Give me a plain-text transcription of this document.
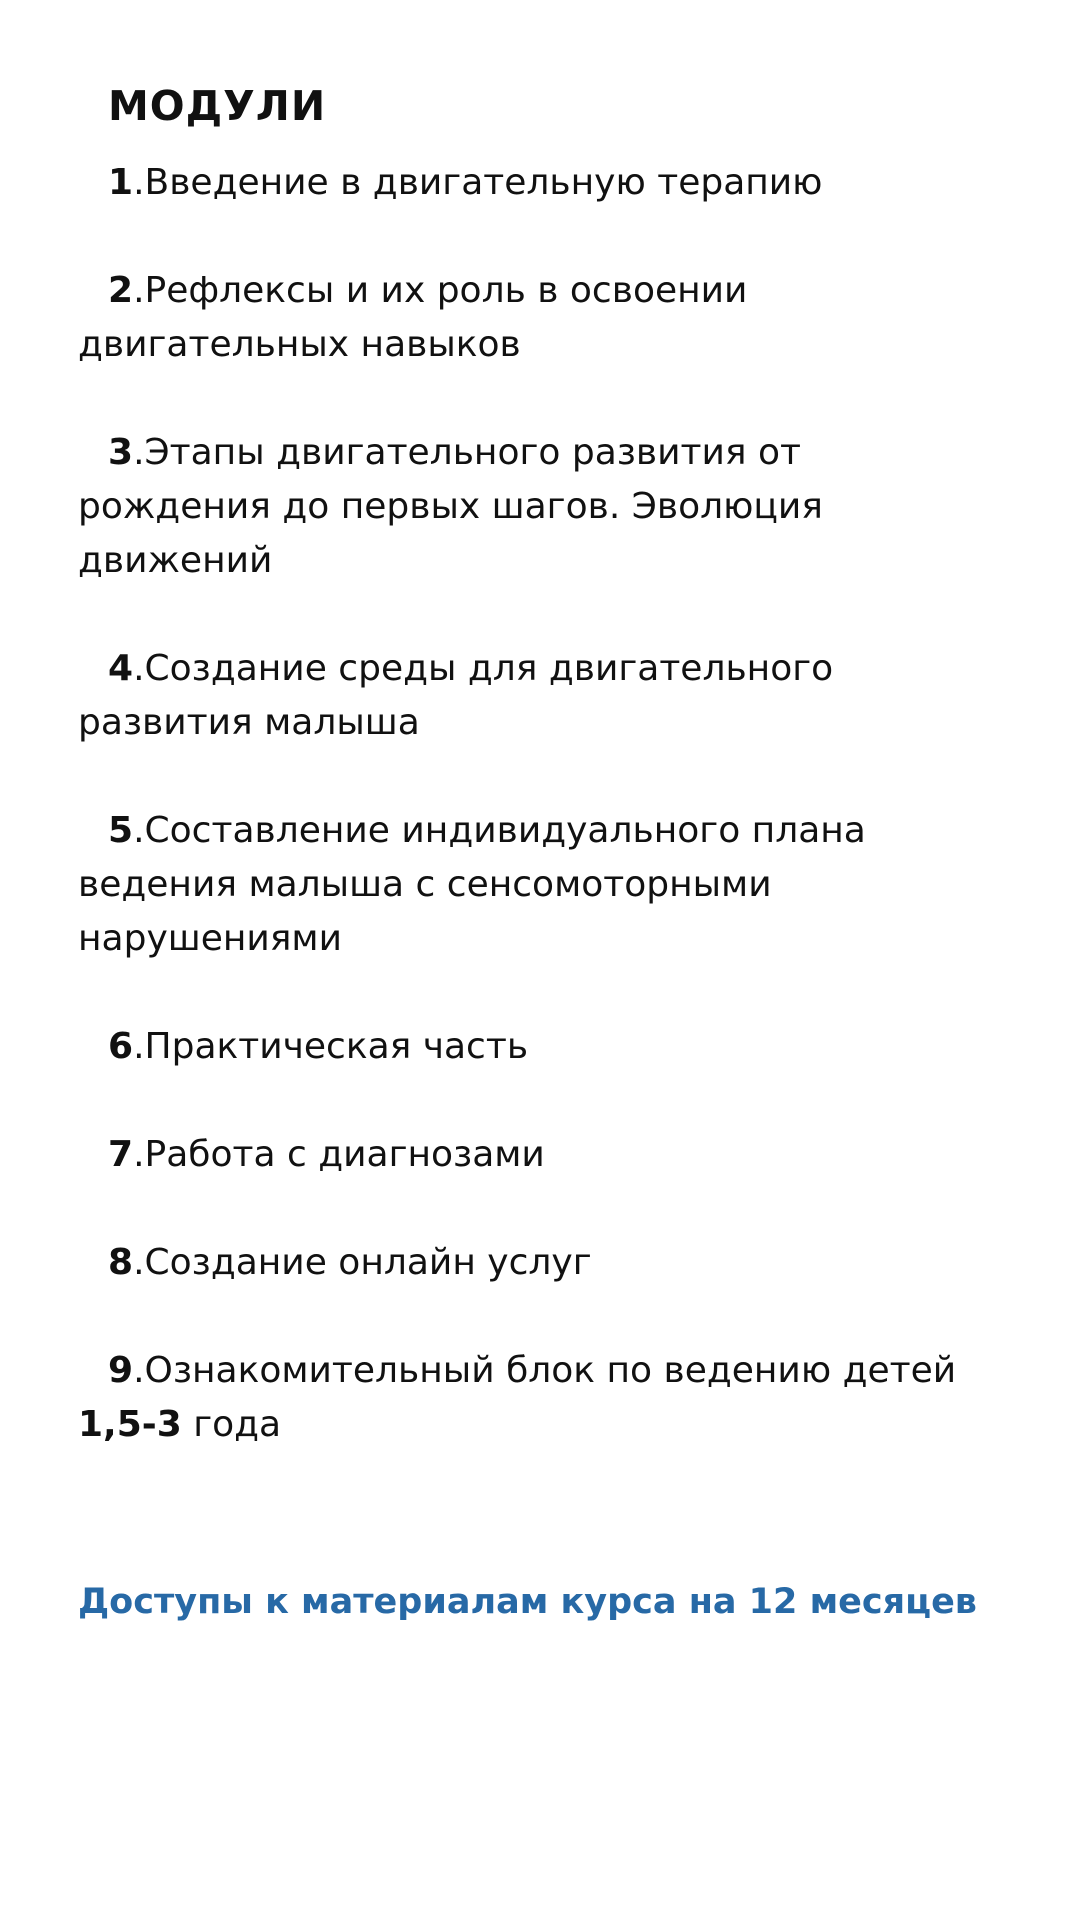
МОДУЛИ
1.Введение в двигательную терапию
2.Рефлексы и их роль в освоении двигательных навыков
3.Этапы двигательного развития от рождения до первых шагов. Эволюция движений
4.Создание среды для двигательного развития малыша
5.Составление индивидуального плана ведения малыша с сенсомоторными нарушениями
6.Практическая часть
7.Работа с диагнозами
8.Создание онлайн услуг
9.Ознакомительный блок по ведению детей 1,5-3 года

Доступы к материалам курса на 12 месяцев
